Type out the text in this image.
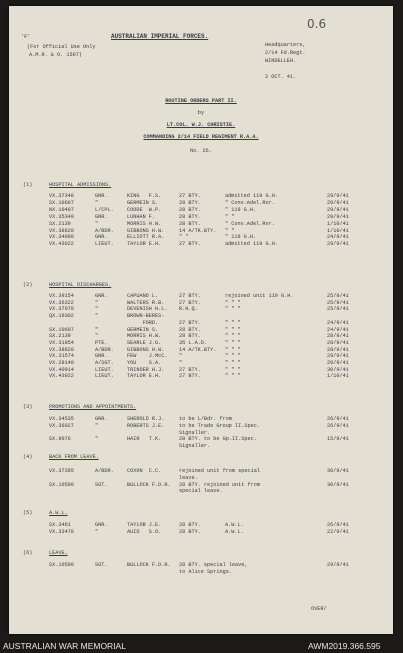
0.6
'F'	AUSTRALIAN IMPERIAL FORCES.
(For Official Use Only
A.M.R. & O. 1597)
Headquarters,
2/14 Fd.Regt.
WINDELLEH.
2 OCT. 41.
ROUTINE ORDERS PART II.
by
LT.COL. W.J. CHRISTIE.
COMMANDING 2/14 FIELD REGIMENT R.A.A.
No. 26.
(1)	HOSPITAL ADMISSIONS.
VX.37348	GNR.	KING   F.S.	27 BTY.	admitted 119 G.H.	29/9/41
SX.10607	"	GERMEIN S.	28 BTY.	" Conv.Adel.Rvr.	29/9/41
NX.10407	L/CPL.	COODE  W.P.	28 BTY.	" 119 G.H.	29/9/41
VX.35349	GNR.	LUNHAN F.	28 BTY.	" "	29/9/41
SX.2139	"	MORRIS H.W.	28 BTY.	" Conv.Adel.Rvr.	1/10/41
VX.38820	A/BDR.	GIBBONS H.W.	14 A/TK.BTY. " "	1/10/41
VX.34099	GNR.	ELLIOTT R.A.	" "	" 119 G.H.	24/9/41
VX.43022	LIEUT.	TAYLOR E.H.	27 BTY.	admitted 119 G.H.	29/9/41
(2)	HOSPITAL DISCHARGES.
VX.39154	GNR.	CAPUANO L.	27 BTY.	rejoined unit 119 G.H.	25/9/41
VX.36322	"	WALTERS R.B.	27 BTY.	" " "	25/9/41
VX.37070	"	DEVENISH H.L. R.H.Q.	" " "	25/9/41
QX.19302	"	BROWN-BERES-
FORD.	27 BTY.	" " "	24/9/41
SX.10607	"	GERMEIN S.	28 BTY.	" " "	24/9/41
SX.2139	"	MORRIS H.W.	28 BTY.	" " "	28/9/41
VX.31954	PTE.	SEARLE J.G.	35 L.A.D.	" " "	28/9/41
VX.38820	A/BDR.	GIBBONS H.W.	14 A/TK.BTY. " " "	28/9/41
VX.31574	GNR.	FEW    J.McC. "	" " "	29/9/41
VX.28140	A/SGT.	YOU    S.A.	"	" " "	29/9/41
VX.40914	LIEUT.	TRINDER H.J.	27 BTY.	" " "	30/9/41
VX.43022	LIEUT.	TAYLOR E.H.	27 BTY.	" " "	1/10/41
(3)	PROMOTIONS AND APPOINTMENTS.
VX.34535	GNR.	SHEROLD R.J.	to be L/Bdr. from	26/9/41
VX.36027	"	ROBERTS J.E.	to be Trade Group II.Spec.	26/9/41
Signaller.
SX.9076	"	HAIR   T.K.	28 BTY. to be Gp.II.Spec.	15/9/41
Signaller.
(4)	BACK FROM LEAVE.
VX.37395	A/BDR.	COXON  C.C.	rejoined unit from special	30/9/41
leave.
SX.10590	SGT.	BULLOCK F.D.R. 28 BTY. rejoined unit from	30/9/41
special leave.
(5)	A.W.L.
SX.3461	GNR.	TAYLOR J.E.	28 BTY.	A.W.L.	26/9/41
VX.33478	"	AUID   S.O.	28 BTY.	A.W.L.	22/9/41
(6)	LEAVE.
SX.10590	SGT.	BULLOCK F.D.R. 28 BTY. special leave,	29/9/41
to Alice Springs.
OVER/
AUSTRALIAN WAR MEMORIAL	AWM2019.366.595
